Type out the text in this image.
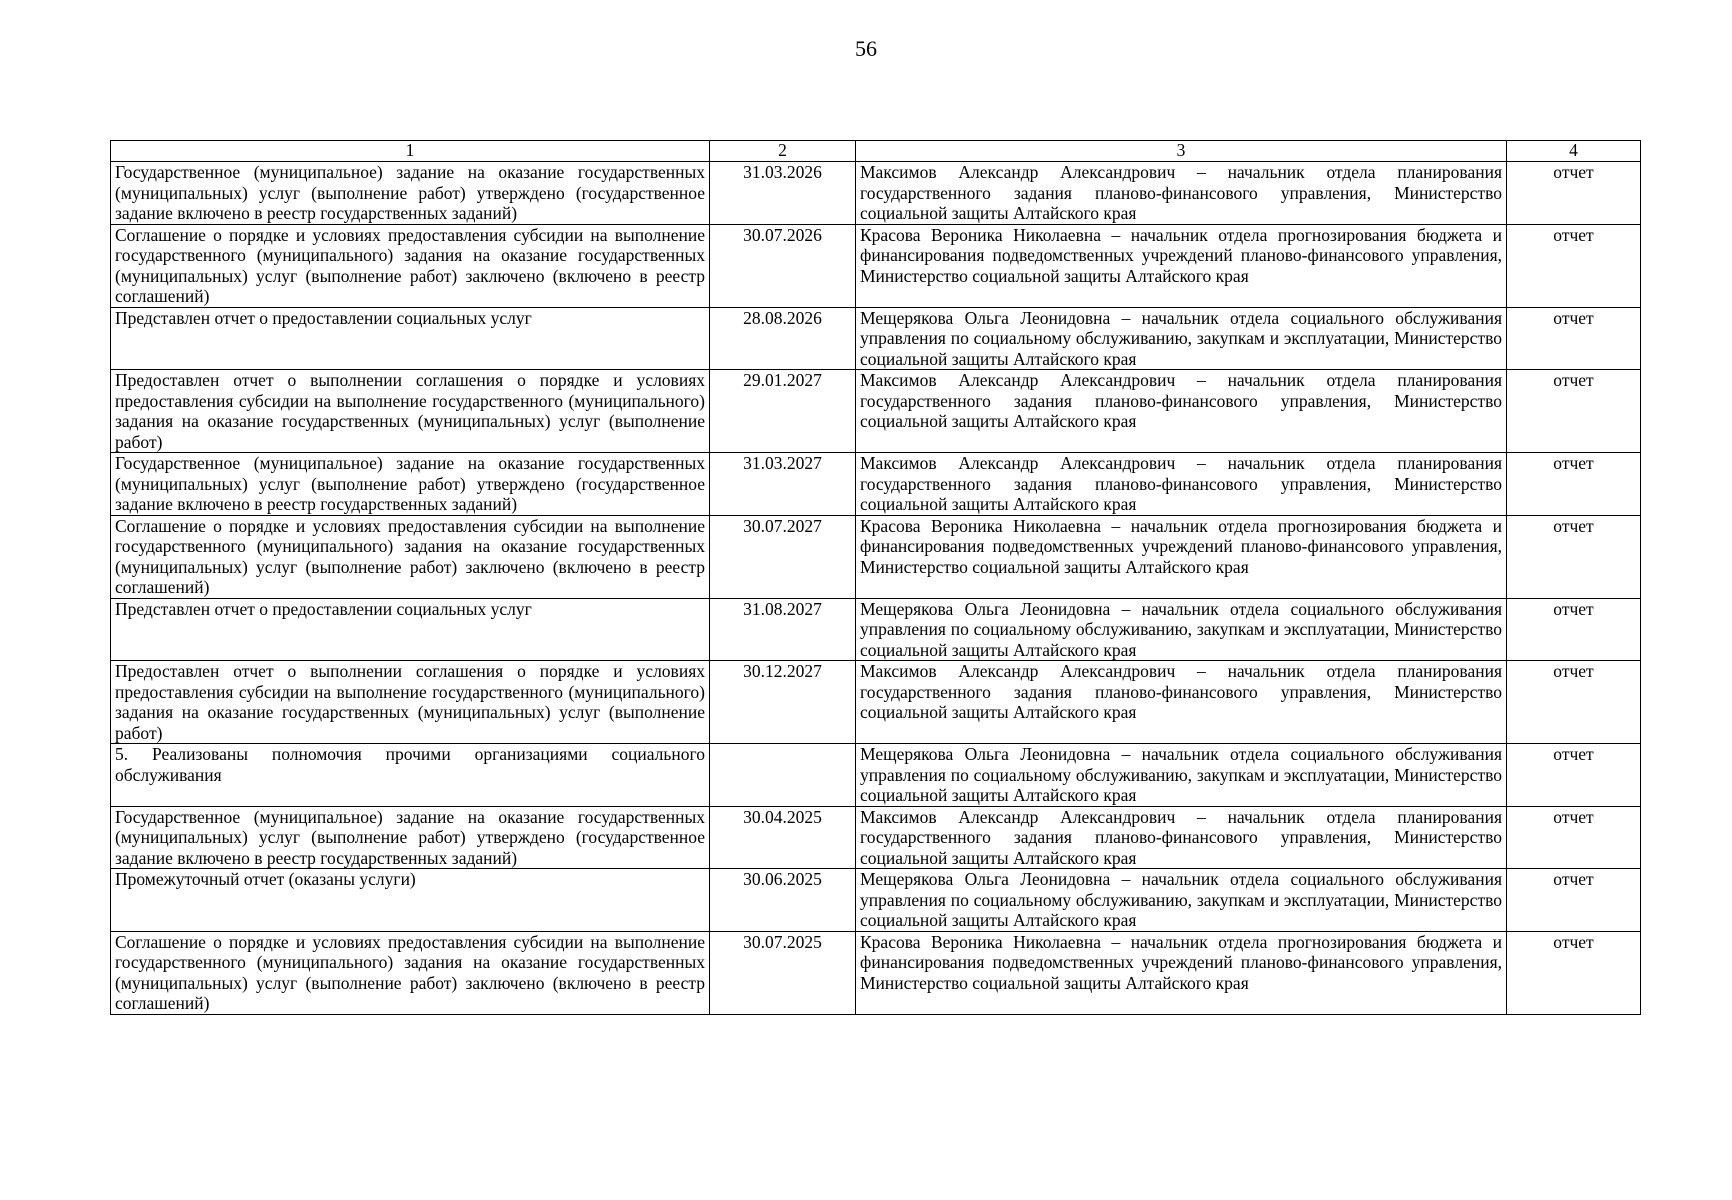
56
1	2	3	4
Государственное (муниципальное) задание на оказание государственных (муниципальных) услуг (выполнение работ) утверждено (государственное задание включено в реестр государственных заданий)	31.03.2026	Максимов Александр Александрович – начальник отдела планирования государственного задания планово-финансового управления, Министерство социальной защиты Алтайского края	отчет
Соглашение о порядке и условиях предоставления субсидии на выполнение государственного (муниципального) задания на оказание государственных (муниципальных) услуг (выполнение работ) заключено (включено в реестр соглашений)	30.07.2026	Красова Вероника Николаевна – начальник отдела прогнозирования бюджета и финансирования подведомственных учреждений планово-финансового управления, Министерство социальной защиты Алтайского края	отчет
Представлен отчет о предоставлении социальных услуг	28.08.2026	Мещерякова Ольга Леонидовна – начальник отдела социального обслуживания управления по социальному обслуживанию, закупкам и эксплуатации, Министерство социальной защиты Алтайского края	отчет
Предоставлен отчет о выполнении соглашения о порядке и условиях предоставления субсидии на выполнение государственного (муниципального) задания на оказание государственных (муниципальных) услуг (выполнение работ)	29.01.2027	Максимов Александр Александрович – начальник отдела планирования государственного задания планово-финансового управления, Министерство социальной защиты Алтайского края	отчет
Государственное (муниципальное) задание на оказание государственных (муниципальных) услуг (выполнение работ) утверждено (государственное задание включено в реестр государственных заданий)	31.03.2027	Максимов Александр Александрович – начальник отдела планирования государственного задания планово-финансового управления, Министерство социальной защиты Алтайского края	отчет
Соглашение о порядке и условиях предоставления субсидии на выполнение государственного (муниципального) задания на оказание государственных (муниципальных) услуг (выполнение работ) заключено (включено в реестр соглашений)	30.07.2027	Красова Вероника Николаевна – начальник отдела прогнозирования бюджета и финансирования подведомственных учреждений планово-финансового управления, Министерство социальной защиты Алтайского края	отчет
Представлен отчет о предоставлении социальных услуг	31.08.2027	Мещерякова Ольга Леонидовна – начальник отдела социального обслуживания управления по социальному обслуживанию, закупкам и эксплуатации, Министерство социальной защиты Алтайского края	отчет
Предоставлен отчет о выполнении соглашения о порядке и условиях предоставления субсидии на выполнение государственного (муниципального) задания на оказание государственных (муниципальных) услуг (выполнение работ)	30.12.2027	Максимов Александр Александрович – начальник отдела планирования государственного задания планово-финансового управления, Министерство социальной защиты Алтайского края	отчет
5. Реализованы полномочия прочими организациями социального обслуживания		Мещерякова Ольга Леонидовна – начальник отдела социального обслуживания управления по социальному обслуживанию, закупкам и эксплуатации, Министерство социальной защиты Алтайского края	отчет
Государственное (муниципальное) задание на оказание государственных (муниципальных) услуг (выполнение работ) утверждено (государственное задание включено в реестр государственных заданий)	30.04.2025	Максимов Александр Александрович – начальник отдела планирования государственного задания планово-финансового управления, Министерство социальной защиты Алтайского края	отчет
Промежуточный отчет (оказаны услуги)	30.06.2025	Мещерякова Ольга Леонидовна – начальник отдела социального обслуживания управления по социальному обслуживанию, закупкам и эксплуатации, Министерство социальной защиты Алтайского края	отчет
Соглашение о порядке и условиях предоставления субсидии на выполнение государственного (муниципального) задания на оказание государственных (муниципальных) услуг (выполнение работ) заключено (включено в реестр соглашений)	30.07.2025	Красова Вероника Николаевна – начальник отдела прогнозирования бюджета и финансирования подведомственных учреждений планово-финансового управления, Министерство социальной защиты Алтайского края	отчет
